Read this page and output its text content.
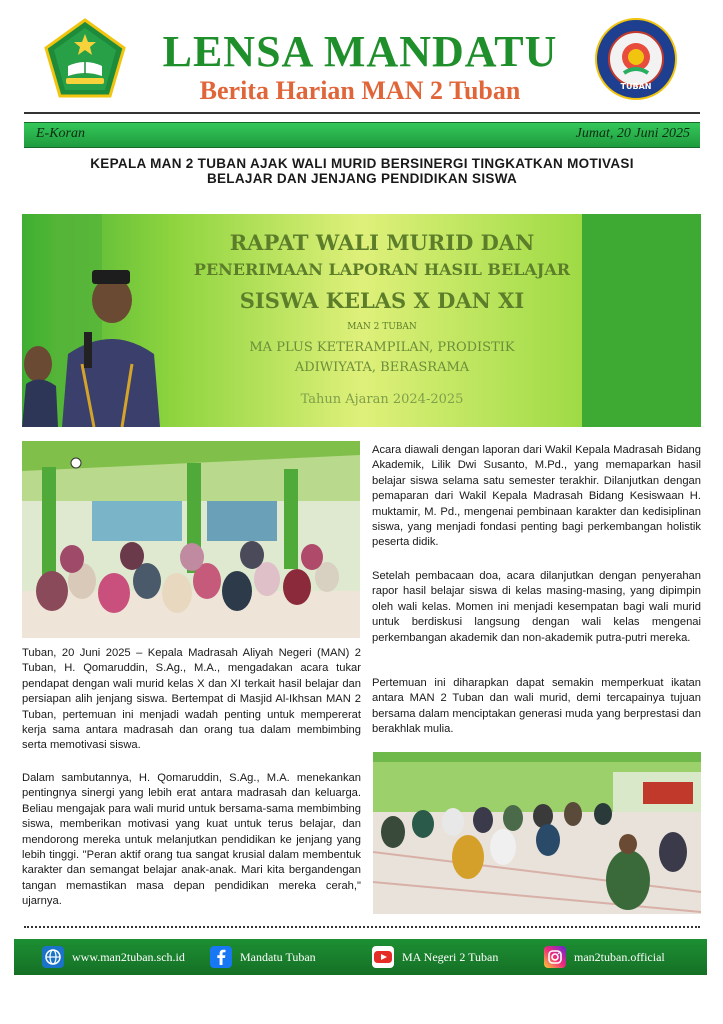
LENSA MANDATU
Berita Harian MAN 2 Tuban	TUBAN
E-Koran	Jumat, 20 Juni 2025
KEPALA MAN 2 TUBAN AJAK WALI MURID BERSINERGI TINGKATKAN MOTIVASI BELAJAR DAN JENJANG PENDIDIKAN SISWA
RAPAT WALI MURID DAN
PENERIMAAN LAPORAN HASIL BELAJAR
SISWA KELAS X DAN XI
MAN 2 TUBAN
MA PLUS KETERAMPILAN, PRODISTIK
ADIWIYATA, BERASRAMA
Tahun Ajaran 2024-2025
Tuban, 20 Juni 2025 – Kepala Madrasah Aliyah Negeri (MAN) 2 Tuban, H. Qomaruddin, S.Ag., M.A., mengadakan acara tukar pendapat dengan wali murid kelas X dan XI terkait hasil belajar dan persiapan alih jenjang siswa. Bertempat di Masjid Al-Ikhsan MAN 2 Tuban, pertemuan ini menjadi wadah penting untuk mempererat kerja sama antara madrasah dan orang tua dalam membimbing serta memotivasi siswa.
Dalam sambutannya, H. Qomaruddin, S.Ag., M.A. menekankan pentingnya sinergi yang lebih erat antara madrasah dan keluarga. Beliau mengajak para wali murid untuk bersama-sama membimbing siswa, memberikan motivasi yang kuat untuk terus belajar, dan mendorong mereka untuk melanjutkan pendidikan ke jenjang yang lebih tinggi. "Peran aktif orang tua sangat krusial dalam membentuk karakter dan semangat belajar anak-anak. Mari kita bergandengan tangan memastikan masa depan pendidikan mereka cerah," ujarnya.
Acara diawali dengan laporan dari Wakil Kepala Madrasah Bidang Akademik, Lilik Dwi Susanto, M.Pd., yang memaparkan hasil belajar siswa selama satu semester terakhir. Dilanjutkan dengan pemaparan dari Wakil Kepala Madrasah Bidang Kesiswaan H. muktamir, M. Pd., mengenai pembinaan karakter dan kedisiplinan siswa, yang menjadi fondasi penting bagi perkembangan holistik peserta didik.
Setelah pembacaan doa, acara dilanjutkan dengan penyerahan rapor hasil belajar siswa di kelas masing-masing, yang dipimpin oleh wali kelas. Momen ini menjadi kesempatan bagi wali murid untuk berdiskusi langsung dengan wali kelas mengenai perkembangan akademik dan non-akademik putra-putri mereka.
Pertemuan ini diharapkan dapat semakin memperkuat ikatan antara MAN 2 Tuban dan wali murid, demi tercapainya tujuan bersama dalam menciptakan generasi muda yang berprestasi dan berakhlak mulia.
www.man2tuban.sch.id	Mandatu Tuban	MA Negeri 2 Tuban	man2tuban.official
